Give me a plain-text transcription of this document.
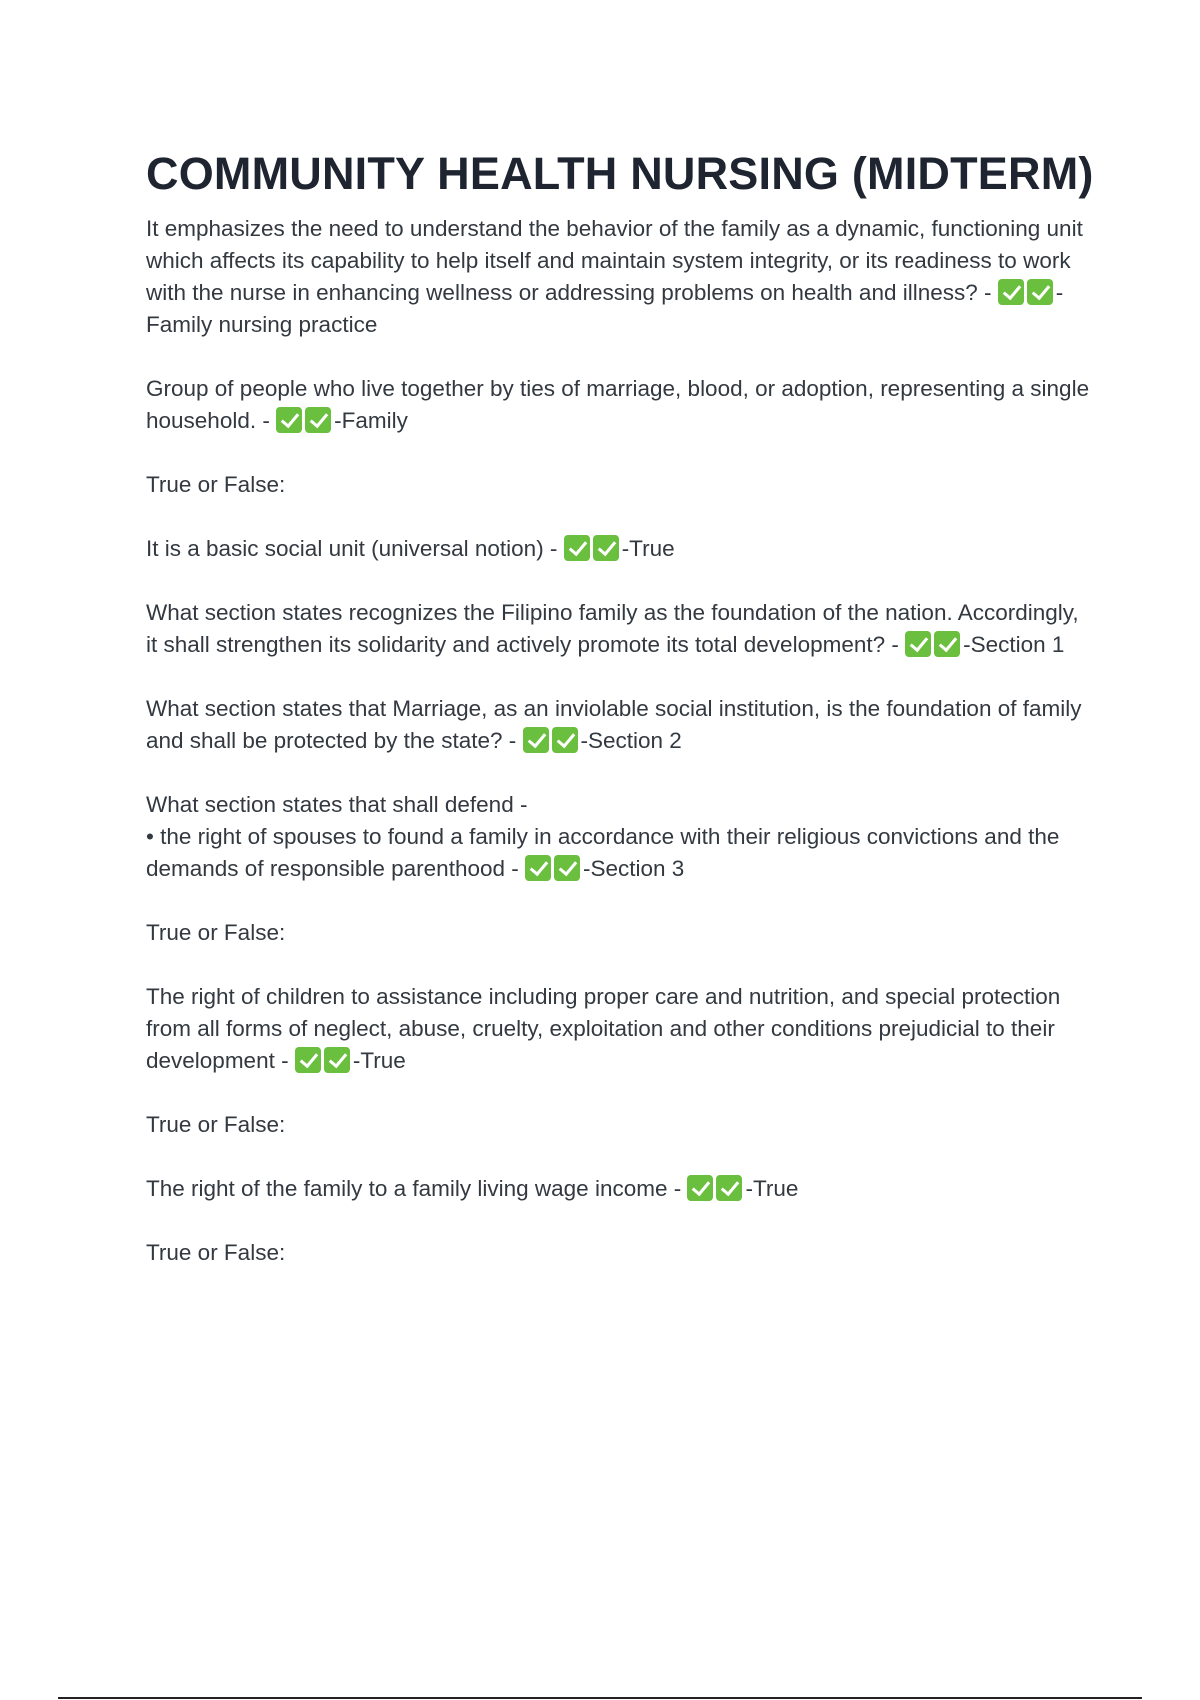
COMMUNITY HEALTH NURSING (MIDTERM)

It emphasizes the need to understand the behavior of the family as a dynamic, functioning unit which affects its capability to help itself and maintain system integrity, or its readiness to work with the nurse in enhancing wellness or addressing problems on health and illness? -	-Family nursing practice

Group of people who live together by ties of marriage, blood, or adoption, representing a single household. -	-Family

True or False:

It is a basic social unit (universal notion) -	-True

What section states recognizes the Filipino family as the foundation of the nation. Accordingly, it shall strengthen its solidarity and actively promote its total development? -	-Section 1

What section states that Marriage, as an inviolable social institution, is the foundation of family and shall be protected by the state? -	-Section 2

What section states that shall defend -
• the right of spouses to found a family in accordance with their religious convictions and the demands of responsible parenthood -	-Section 3

True or False:

The right of children to assistance including proper care and nutrition, and special protection from all forms of neglect, abuse, cruelty, exploitation and other conditions prejudicial to their development -	-True

True or False:

The right of the family to a family living wage income -	-True

True or False:
